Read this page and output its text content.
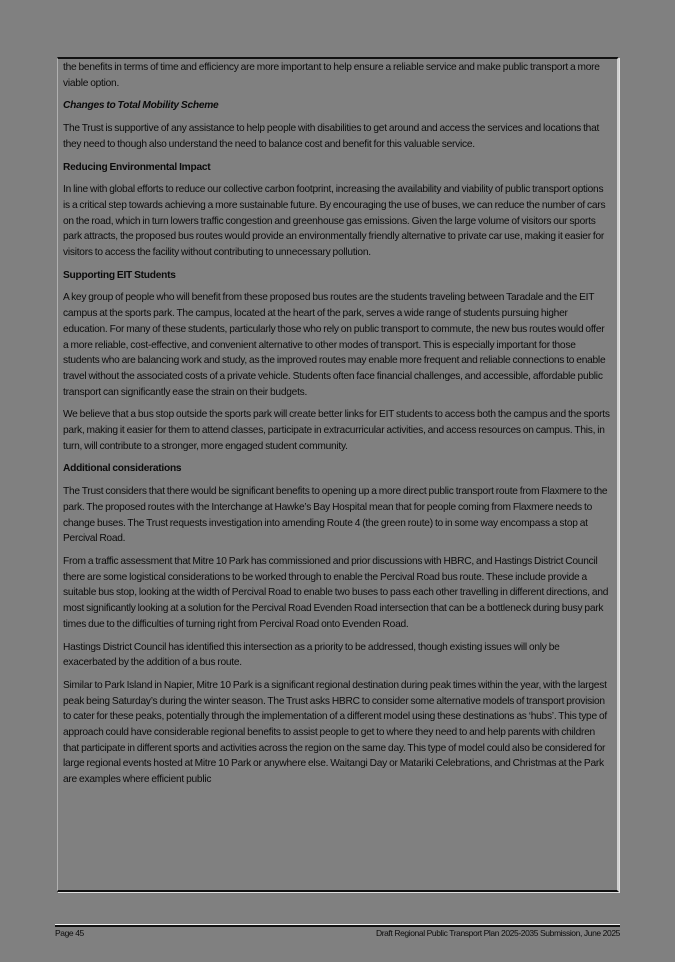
the benefits in terms of time and efficiency are more important to help ensure a reliable service and make public transport a more viable option.

Changes to Total Mobility Scheme

The Trust is supportive of any assistance to help people with disabilities to get around and access the services and locations that they need to though also understand the need to balance cost and benefit for this valuable service.

Reducing Environmental Impact

In line with global efforts to reduce our collective carbon footprint, increasing the availability and viability of public transport options is a critical step towards achieving a more sustainable future. By encouraging the use of buses, we can reduce the number of cars on the road, which in turn lowers traffic congestion and greenhouse gas emissions. Given the large volume of visitors our sports park attracts, the proposed bus routes would provide an environmentally friendly alternative to private car use, making it easier for visitors to access the facility without contributing to unnecessary pollution.

Supporting EIT Students

A key group of people who will benefit from these proposed bus routes are the students traveling between Taradale and the EIT campus at the sports park. The campus, located at the heart of the park, serves a wide range of students pursuing higher education. For many of these students, particularly those who rely on public transport to commute, the new bus routes would offer a more reliable, cost-effective, and convenient alternative to other modes of transport. This is especially important for those students who are balancing work and study, as the improved routes may enable more frequent and reliable connections to enable travel without the associated costs of a private vehicle. Students often face financial challenges, and accessible, affordable public transport can significantly ease the strain on their budgets.

We believe that a bus stop outside the sports park will create better links for EIT students to access both the campus and the sports park, making it easier for them to attend classes, participate in extracurricular activities, and access resources on campus. This, in turn, will contribute to a stronger, more engaged student community.

Additional considerations

The Trust considers that there would be significant benefits to opening up a more direct public transport route from Flaxmere to the park. The proposed routes with the Interchange at Hawke’s Bay Hospital mean that for people coming from Flaxmere needs to change buses. The Trust requests investigation into amending Route 4 (the green route) to in some way encompass a stop at Percival Road.

From a traffic assessment that Mitre 10 Park has commissioned and prior discussions with HBRC, and Hastings District Council there are some logistical considerations to be worked through to enable the Percival Road bus route. These include provide a suitable bus stop, looking at the width of Percival Road to enable two buses to pass each other travelling in different directions, and most significantly looking at a solution for the Percival Road Evenden Road intersection that can be a bottleneck during busy park times due to the difficulties of turning right from Percival Road onto Evenden Road.

Hastings District Council has identified this intersection as a priority to be addressed, though existing issues will only be exacerbated by the addition of a bus route.

Similar to Park Island in Napier, Mitre 10 Park is a significant regional destination during peak times within the year, with the largest peak being Saturday’s during the winter season. The Trust asks HBRC to consider some alternative models of transport provision to cater for these peaks, potentially through the implementation of a different model using these destinations as ‘hubs’. This type of approach could have considerable regional benefits to assist people to get to where they need to and help parents with children that participate in different sports and activities across the region on the same day. This type of model could also be considered for large regional events hosted at Mitre 10 Park or anywhere else. Waitangi Day or Matariki Celebrations, and Christmas at the Park are examples where efficient public

Page 45	Draft Regional Public Transport Plan 2025-2035 Submission, June 2025
